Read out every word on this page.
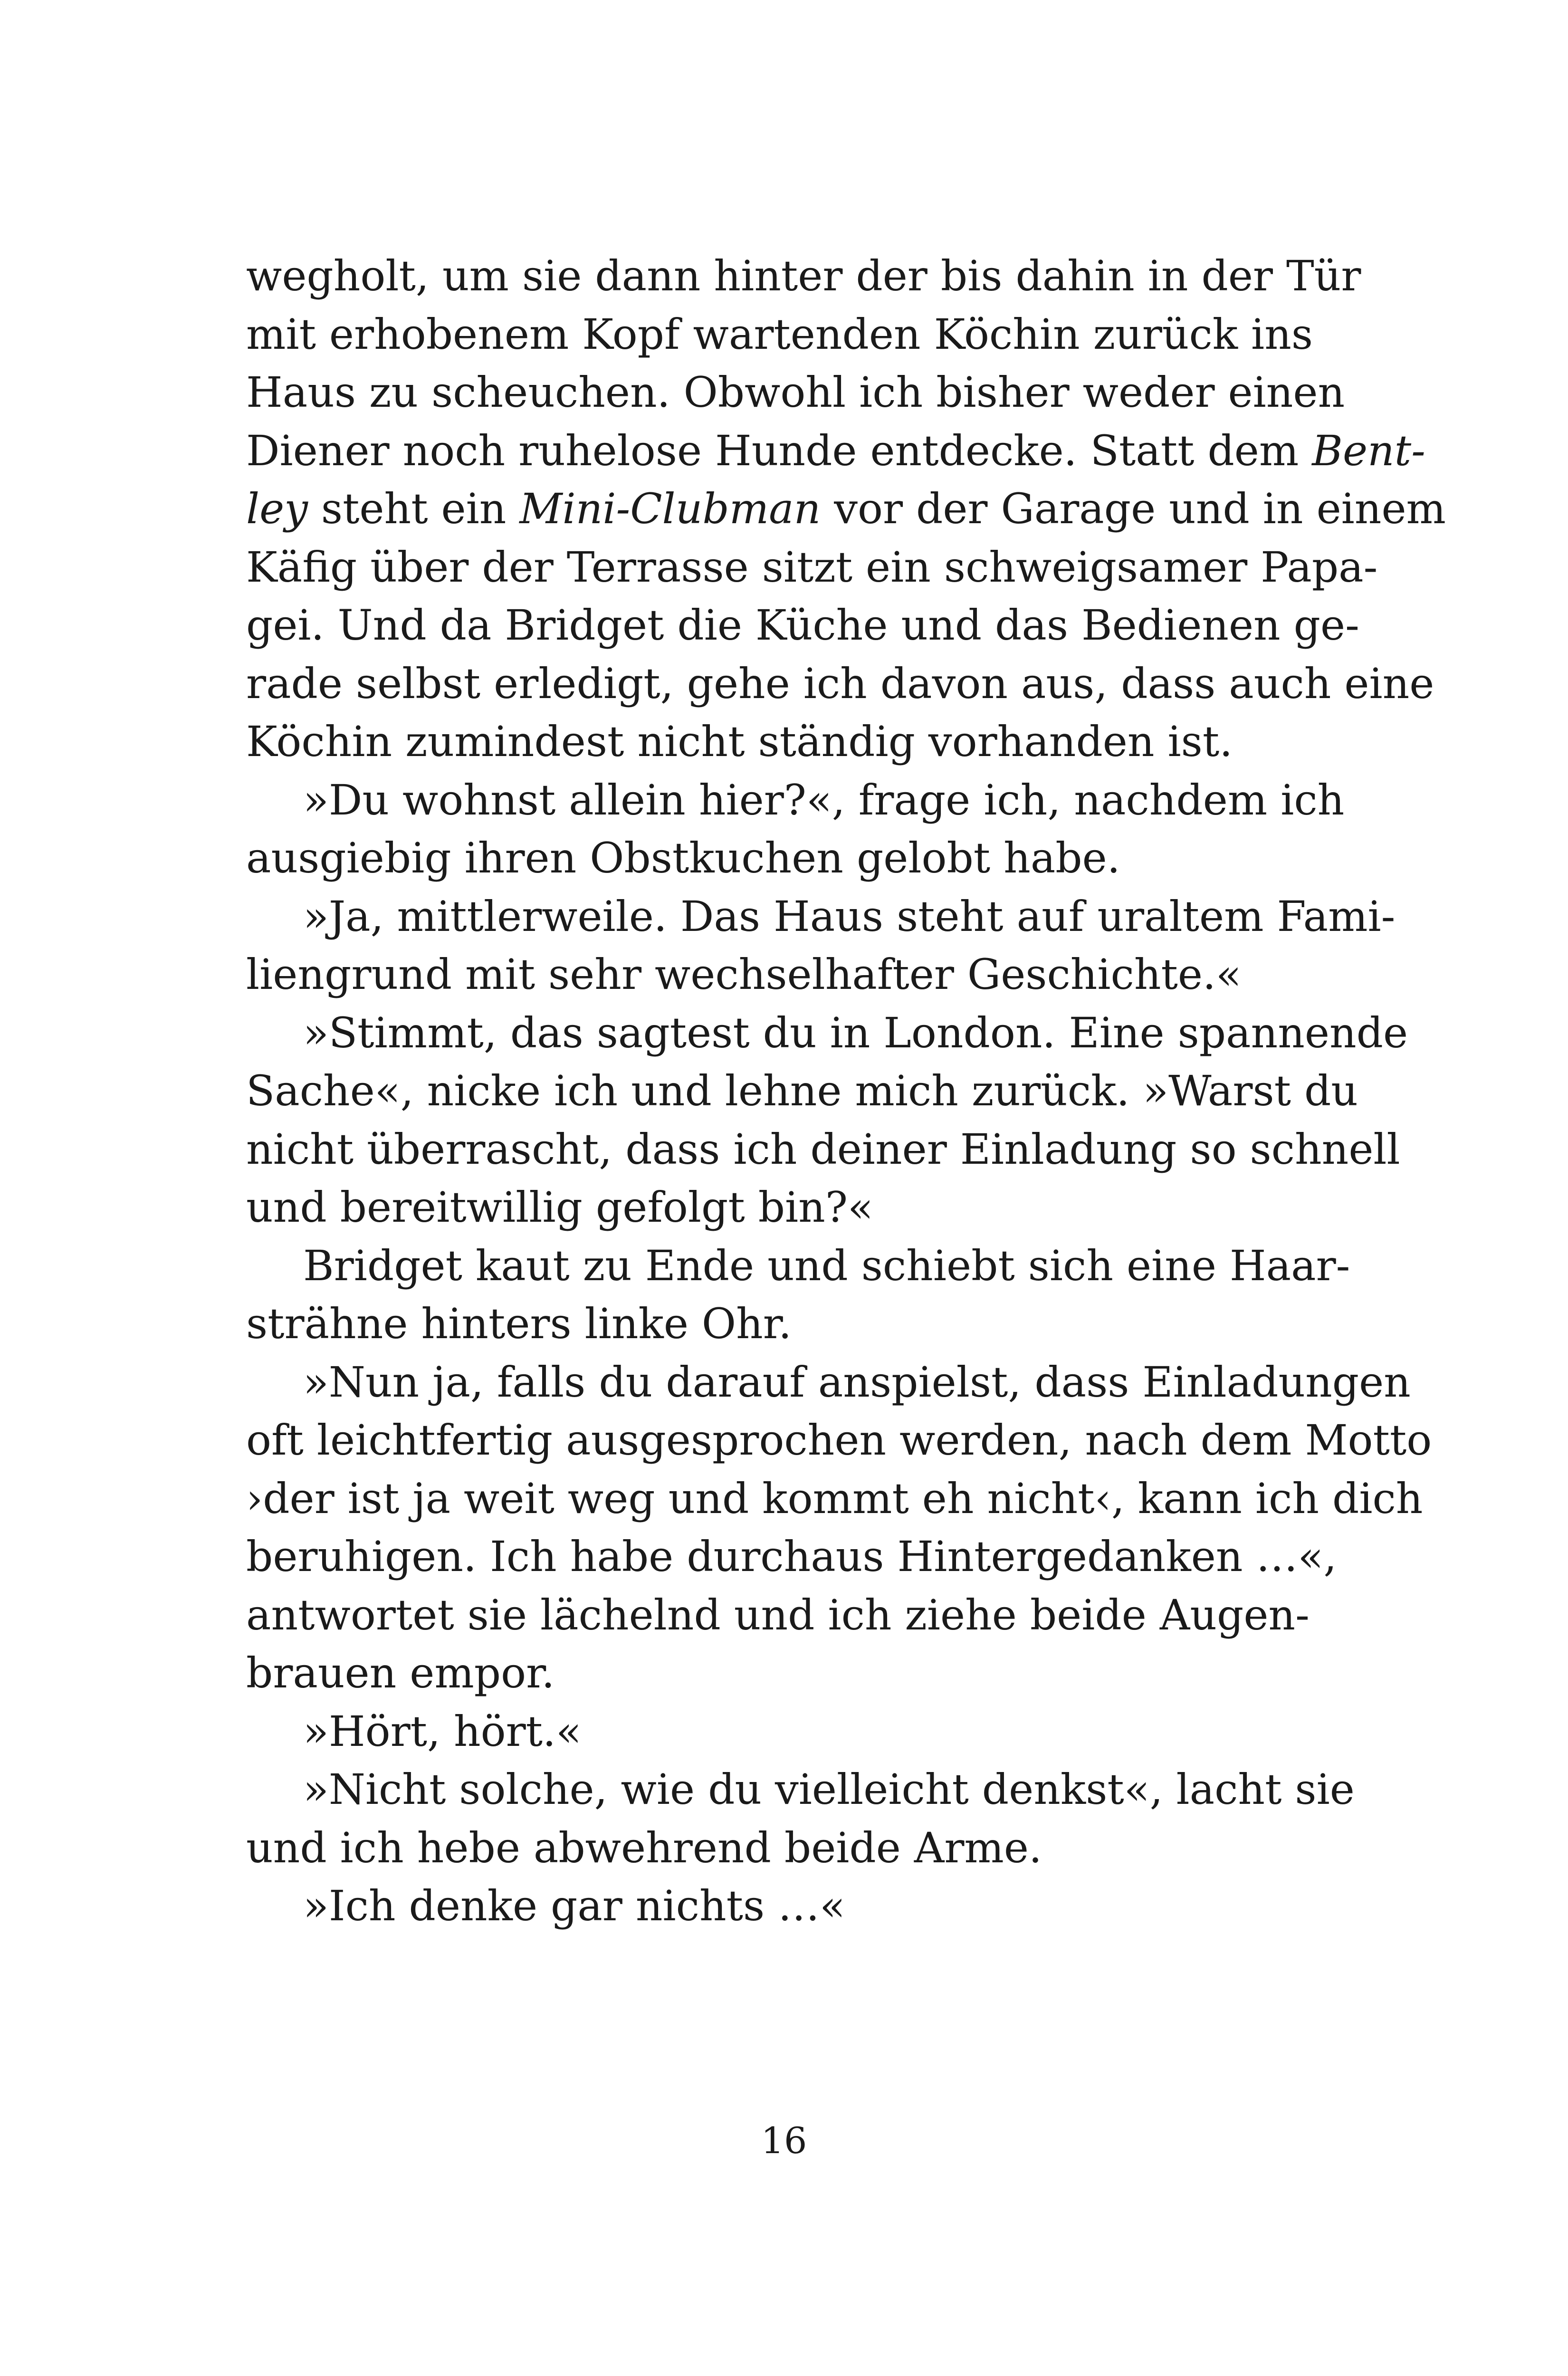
wegholt, um sie dann hinter der bis dahin in der Tür
mit erhobenem Kopf wartenden Köchin zurück ins
Haus zu scheuchen. Obwohl ich bisher weder einen
Diener noch ruhelose Hunde entdecke. Statt dem Bent-
ley steht ein Mini-Clubman vor der Garage und in einem
Käfig über der Terrasse sitzt ein schweigsamer Papa-
gei. Und da Bridget die Küche und das Bedienen ge-
rade selbst erledigt, gehe ich davon aus, dass auch eine
Köchin zumindest nicht ständig vorhanden ist.
»Du wohnst allein hier?«, frage ich, nachdem ich
ausgiebig ihren Obstkuchen gelobt habe.
»Ja, mittlerweile. Das Haus steht auf uraltem Fami-
liengrund mit sehr wechselhafter Geschichte.«
»Stimmt, das sagtest du in London. Eine spannende
Sache«, nicke ich und lehne mich zurück. »Warst du
nicht überrascht, dass ich deiner Einladung so schnell
und bereitwillig gefolgt bin?«
Bridget kaut zu Ende und schiebt sich eine Haar-
strähne hinters linke Ohr.
»Nun ja, falls du darauf anspielst, dass Einladungen
oft leichtfertig ausgesprochen werden, nach dem Motto
›der ist ja weit weg und kommt eh nicht‹, kann ich dich
beruhigen. Ich habe durchaus Hintergedanken …«,
antwortet sie lächelnd und ich ziehe beide Augen-
brauen empor.
»Hört, hört.«
»Nicht solche, wie du vielleicht denkst«, lacht sie
und ich hebe abwehrend beide Arme.
»Ich denke gar nichts …«
16
